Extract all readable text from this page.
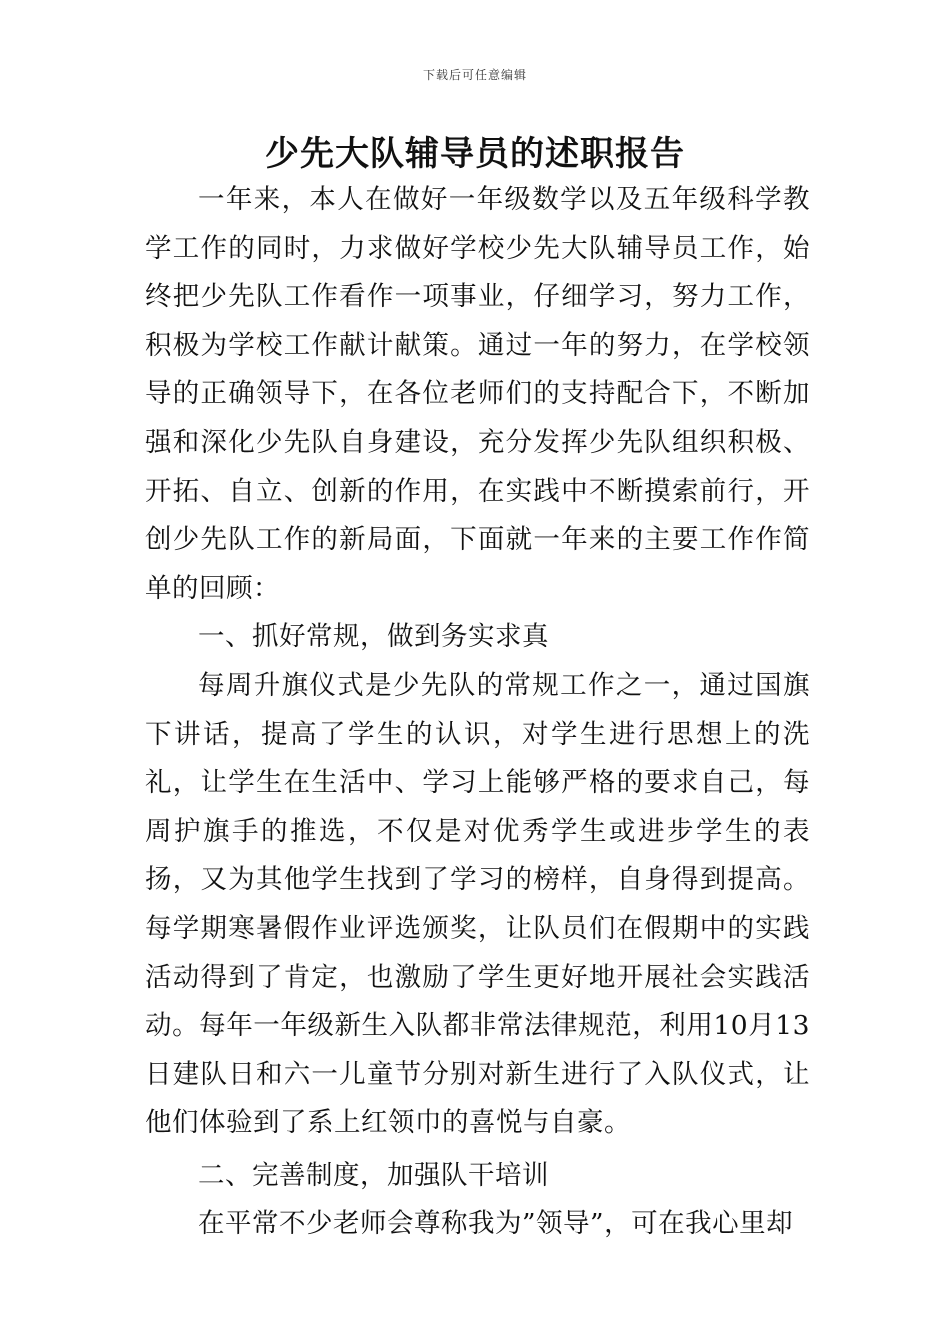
下载后可任意编辑
少先大队辅导员的述职报告

一年来，本人在做好一年级数学以及五年级科学教学工作的同时，力求做好学校少先大队辅导员工作，始终把少先队工作看作一项事业，仔细学习，努力工作，积极为学校工作献计献策。通过一年的努力，在学校领导的正确领导下，在各位老师们的支持配合下，不断加强和深化少先队自身建设，充分发挥少先队组织积极、开拓、自立、创新的作用，在实践中不断摸索前行，开创少先队工作的新局面，下面就一年来的主要工作作简单的回顾：

一、抓好常规，做到务实求真

每周升旗仪式是少先队的常规工作之一，通过国旗下讲话，提高了学生的认识，对学生进行思想上的洗礼，让学生在生活中、学习上能够严格的要求自己，每周护旗手的推选，不仅是对优秀学生或进步学生的表扬，又为其他学生找到了学习的榜样，自身得到提高。每学期寒暑假作业评选颁奖，让队员们在假期中的实践活动得到了肯定，也激励了学生更好地开展社会实践活动。每年一年级新生入队都非常法律规范，利用10月13日建队日和六一儿童节分别对新生进行了入队仪式，让他们体验到了系上红领巾的喜悦与自豪。

二、完善制度，加强队干培训

在平常不少老师会尊称我为”领导”，可在我心里却
